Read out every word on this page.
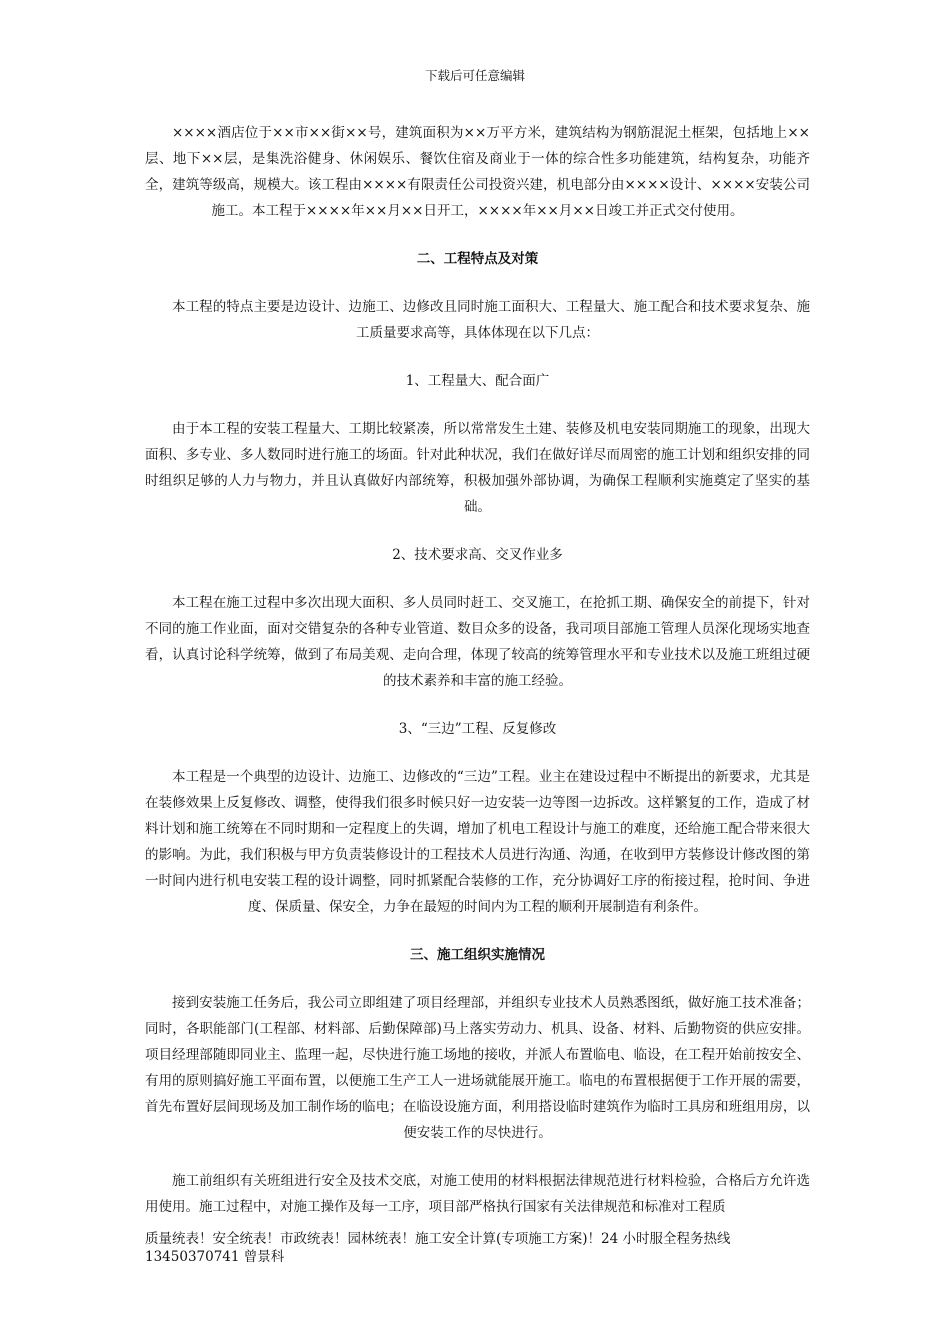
下载后可任意编辑

××××酒店位于××市××街××号，建筑面积为××万平方米，建筑结构为钢筋混泥土框架，包括地上××层、地下××层，是集洗浴健身、休闲娱乐、餐饮住宿及商业于一体的综合性多功能建筑，结构复杂，功能齐全，建筑等级高，规模大。该工程由××××有限责任公司投资兴建，机电部分由××××设计、××××安装公司施工。本工程于××××年××月××日开工，××××年××月××日竣工并正式交付使用。

二、工程特点及对策

本工程的特点主要是边设计、边施工、边修改且同时施工面积大、工程量大、施工配合和技术要求复杂、施工质量要求高等，具体体现在以下几点：

1、工程量大、配合面广

由于本工程的安装工程量大、工期比较紧凑，所以常常发生土建、装修及机电安装同期施工的现象，出现大面积、多专业、多人数同时进行施工的场面。针对此种状况，我们在做好详尽而周密的施工计划和组织安排的同时组织足够的人力与物力，并且认真做好内部统筹，积极加强外部协调，为确保工程顺利实施奠定了坚实的基础。

2、技术要求高、交叉作业多

本工程在施工过程中多次出现大面积、多人员同时赶工、交叉施工，在抢抓工期、确保安全的前提下，针对不同的施工作业面，面对交错复杂的各种专业管道、数目众多的设备，我司项目部施工管理人员深化现场实地查看，认真讨论科学统筹，做到了布局美观、走向合理，体现了较高的统筹管理水平和专业技术以及施工班组过硬的技术素养和丰富的施工经验。

3、“三边”工程、反复修改

本工程是一个典型的边设计、边施工、边修改的“三边”工程。业主在建设过程中不断提出的新要求，尤其是在装修效果上反复修改、调整，使得我们很多时候只好一边安装一边等图一边拆改。这样繁复的工作，造成了材料计划和施工统筹在不同时期和一定程度上的失调，增加了机电工程设计与施工的难度，还给施工配合带来很大的影响。为此，我们积极与甲方负责装修设计的工程技术人员进行沟通、沟通，在收到甲方装修设计修改图的第一时间内进行机电安装工程的设计调整，同时抓紧配合装修的工作，充分协调好工序的衔接过程，抢时间、争进度、保质量、保安全，力争在最短的时间内为工程的顺利开展制造有利条件。

三、施工组织实施情况

接到安装施工任务后，我公司立即组建了项目经理部，并组织专业技术人员熟悉图纸，做好施工技术准备；同时，各职能部门(工程部、材料部、后勤保障部)马上落实劳动力、机具、设备、材料、后勤物资的供应安排。项目经理部随即同业主、监理一起，尽快进行施工场地的接收，并派人布置临电、临设，在工程开始前按安全、有用的原则搞好施工平面布置，以便施工生产工人一进场就能展开施工。临电的布置根据便于工作开展的需要，首先布置好层间现场及加工制作场的临电；在临设设施方面，利用搭设临时建筑作为临时工具房和班组用房，以便安装工作的尽快进行。

施工前组织有关班组进行安全及技术交底，对施工使用的材料根据法律规范进行材料检验，合格后方允许选用使用。施工过程中，对施工操作及每一工序，项目部严格执行国家有关法律规范和标准对工程质

质量统表！安全统表！市政统表！园林统表！施工安全计算(专项施工方案)！24 小时服全程务热线
13450370741 曾景科
